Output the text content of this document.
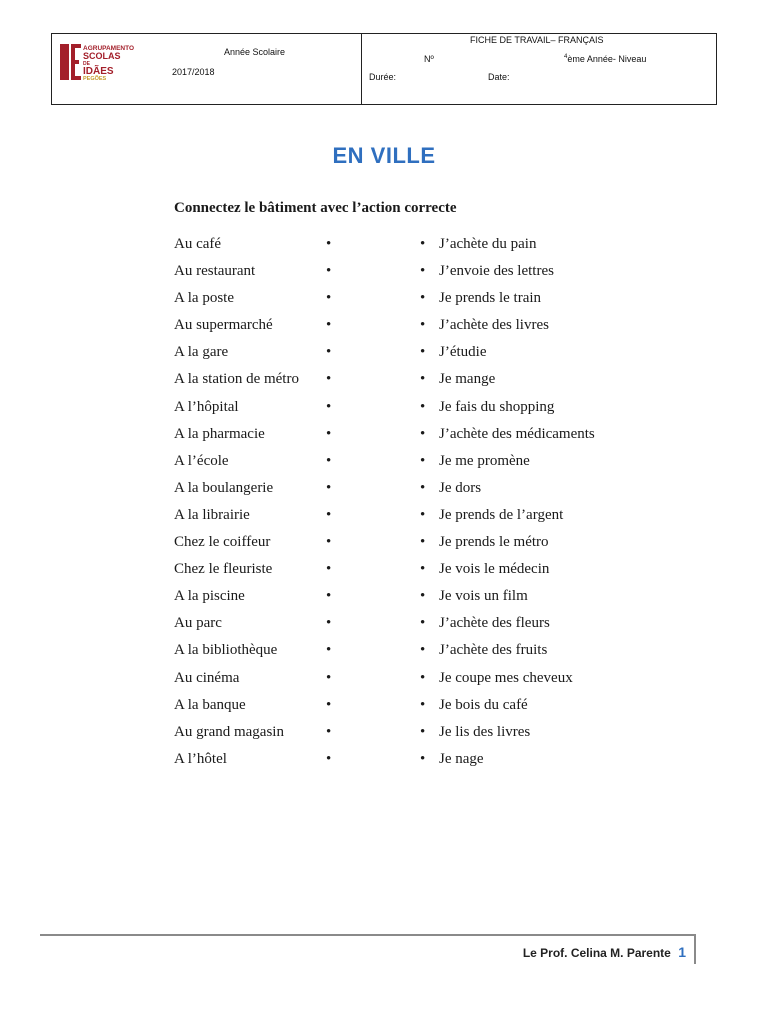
AGRUPAMENTO
SCOLAS
DE
IDÃES
PEGÕES
Année Scolaire
2017/2018
FICHE DE TRAVAIL– FRANÇAIS
Nº	$^4$ème Année- Niveau
Durée:	Date:
EN VILLE
Connectez le bâtiment avec l’action correcte
Au café	•	• J’achète du pain
Au restaurant	•	• J’envoie des lettres
A la poste	•	• Je prends le train
Au supermarché	•	• J’achète des livres
A la gare	•	• J’étudie
A la station de métro •	• Je mange
A l’hôpital	•	• Je fais du shopping
A la pharmacie	•	• J’achète des médicaments
A l’école	•	• Je me promène
A la boulangerie	•	• Je dors
A la librairie	•	• Je prends de l’argent
Chez le coiffeur	•	• Je prends le métro
Chez le fleuriste	•	• Je vois le médecin
A la piscine	•	• Je vois un film
Au parc	•	• J’achète des fleurs
A la bibliothèque	•	• J’achète des fruits
Au cinéma	•	• Je coupe mes cheveux
A la banque	•	• Je bois du café
Au grand magasin	•	• Je lis des livres
A l’hôtel	•	• Je nage
Le Prof. Celina M. Parente 1
